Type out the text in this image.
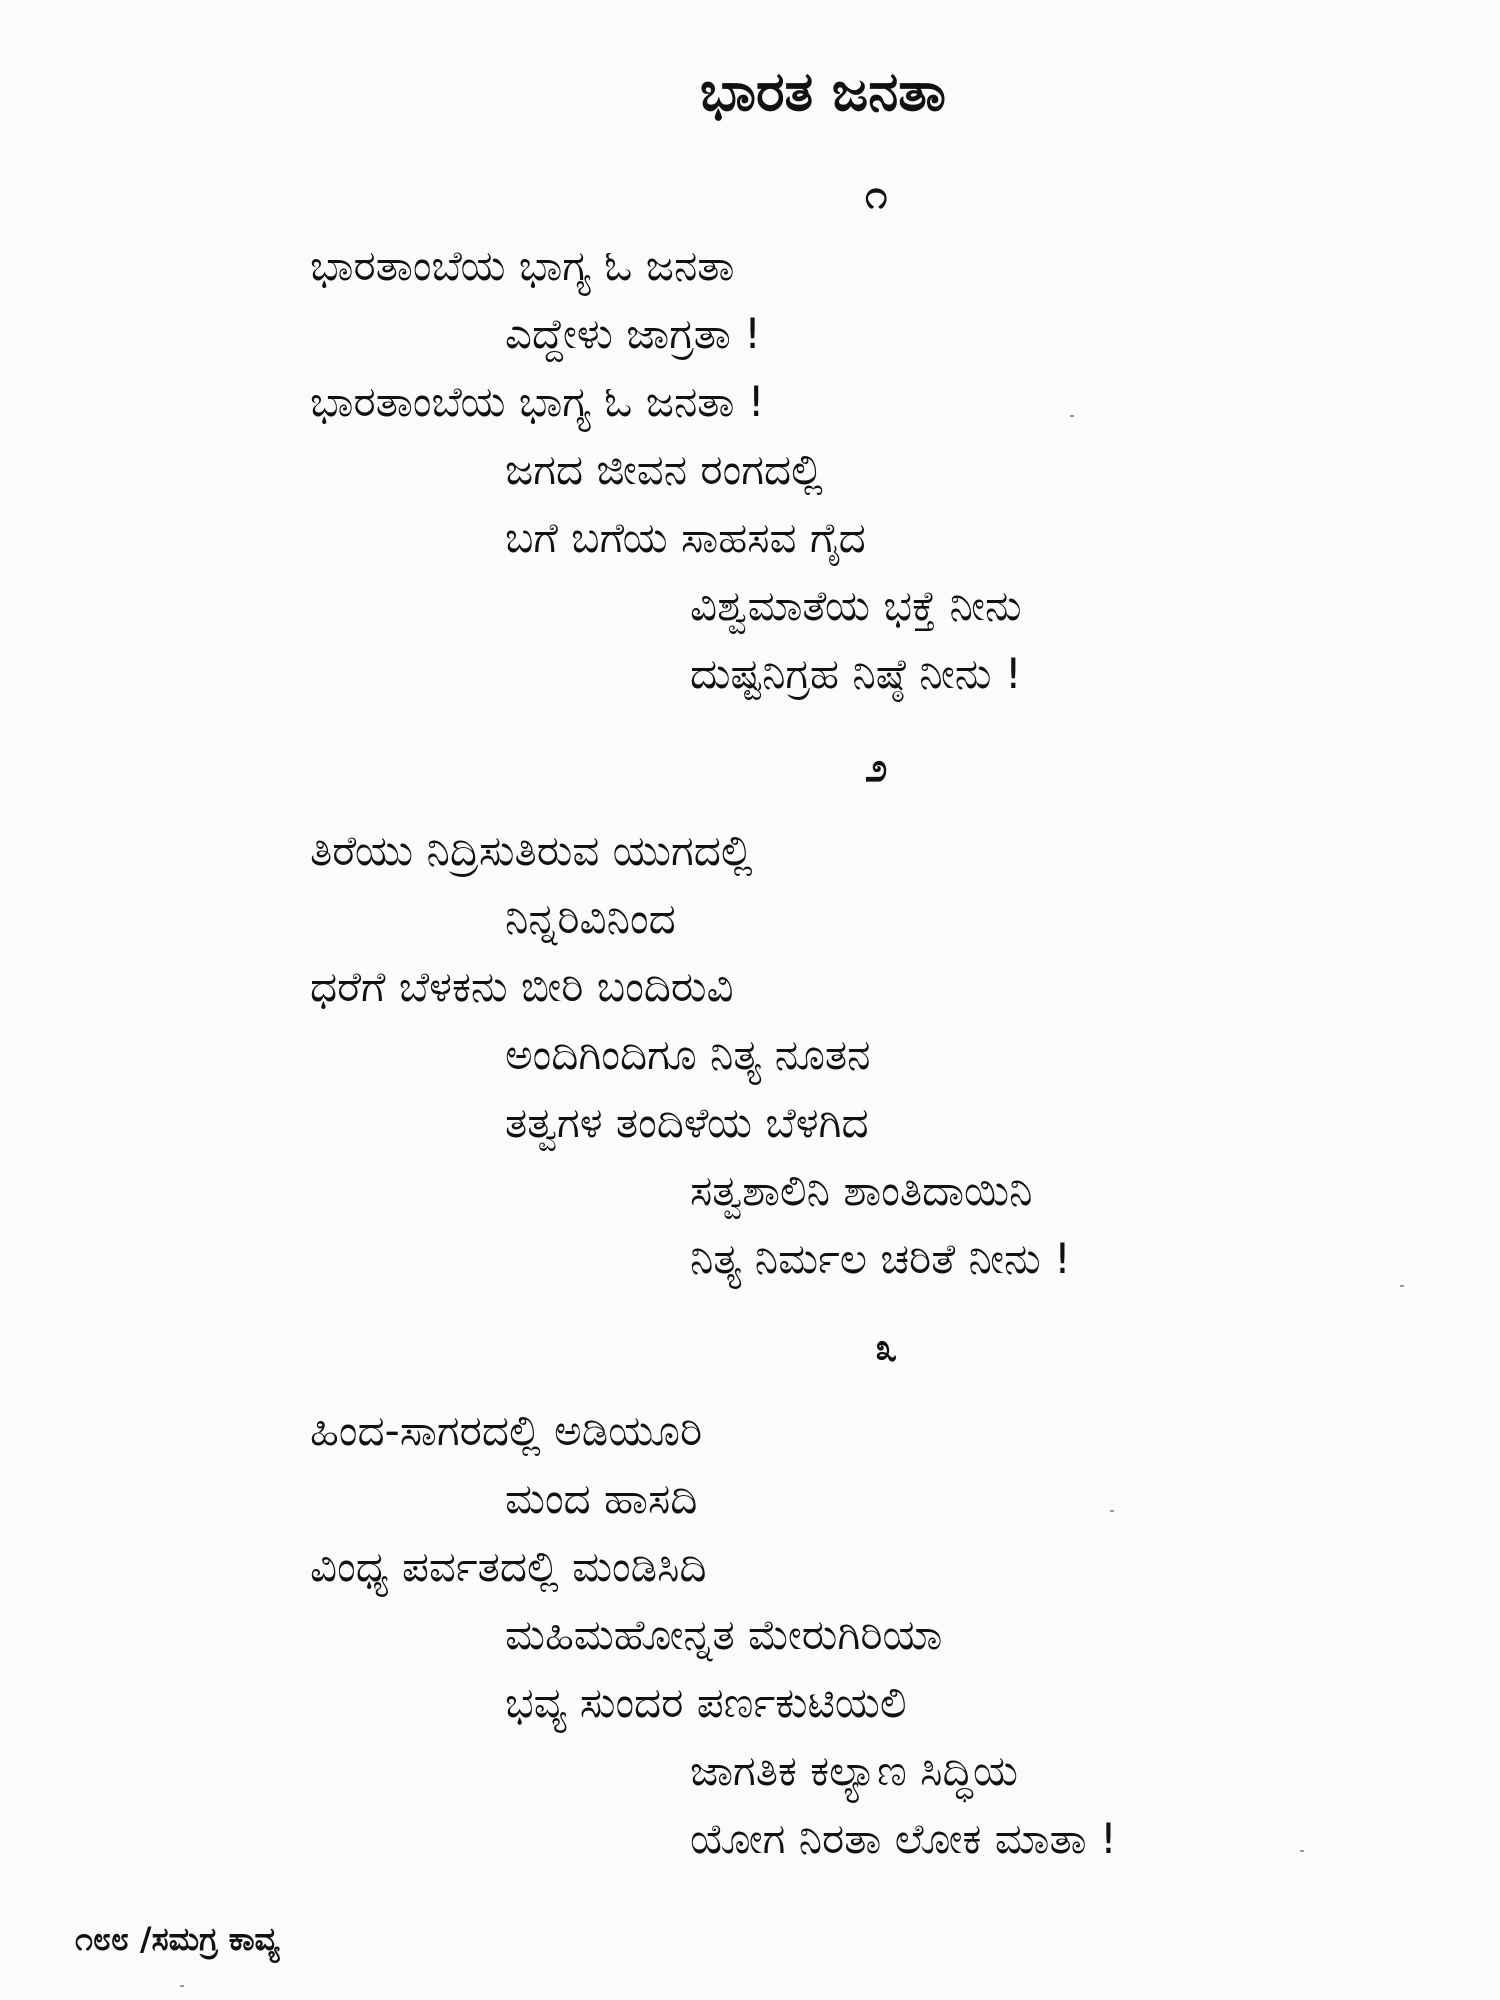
ಭಾರತ ಜನತಾ
೧
ಭಾರತಾಂಬೆಯ ಭಾಗ್ಯ ಓ ಜನತಾ
ಎದ್ದೇಳು ಜಾಗ್ರತಾ !
ಭಾರತಾಂಬೆಯ ಭಾಗ್ಯ ಓ ಜನತಾ !
ಜಗದ ಜೀವನ ರಂಗದಲ್ಲಿ
ಬಗೆ ಬಗೆಯ ಸಾಹಸವ ಗೈದ
ವಿಶ್ವಮಾತೆಯ ಭಕ್ತೆ ನೀನು
ದುಷ್ಟನಿಗ್ರಹ ನಿಷ್ಠೆ ನೀನು !
೨
ತಿರೆಯು ನಿದ್ರಿಸುತಿರುವ ಯುಗದಲ್ಲಿ
ನಿನ್ನರಿವಿನಿಂದ
ಧರೆಗೆ ಬೆಳಕನು ಬೀರಿ ಬಂದಿರುವಿ
ಅಂದಿಗಿಂದಿಗೂ ನಿತ್ಯ ನೂತನ
ತತ್ವಗಳ ತಂದಿಳೆಯ ಬೆಳಗಿದ
ಸತ್ವಶಾಲಿನಿ ಶಾಂತಿದಾಯಿನಿ
ನಿತ್ಯ ನಿರ್ಮಲ ಚರಿತೆ ನೀನು !
೩
ಹಿಂದ-ಸಾಗರದಲ್ಲಿ ಅಡಿಯೂರಿ
ಮಂದ ಹಾಸದಿ
ವಿಂಧ್ಯ ಪರ್ವತದಲ್ಲಿ ಮಂಡಿಸಿದಿ
ಮಹಿಮಹೋನ್ನತ ಮೇರುಗಿರಿಯಾ
ಭವ್ಯ ಸುಂದರ ಪರ್ಣಕುಟಿಯಲಿ
ಜಾಗತಿಕ ಕಲ್ಯಾಣ ಸಿದ್ಧಿಯ
ಯೋಗ ನಿರತಾ ಲೋಕ ಮಾತಾ !
೧೮೮ /ಸಮಗ್ರ ಕಾವ್ಯ
